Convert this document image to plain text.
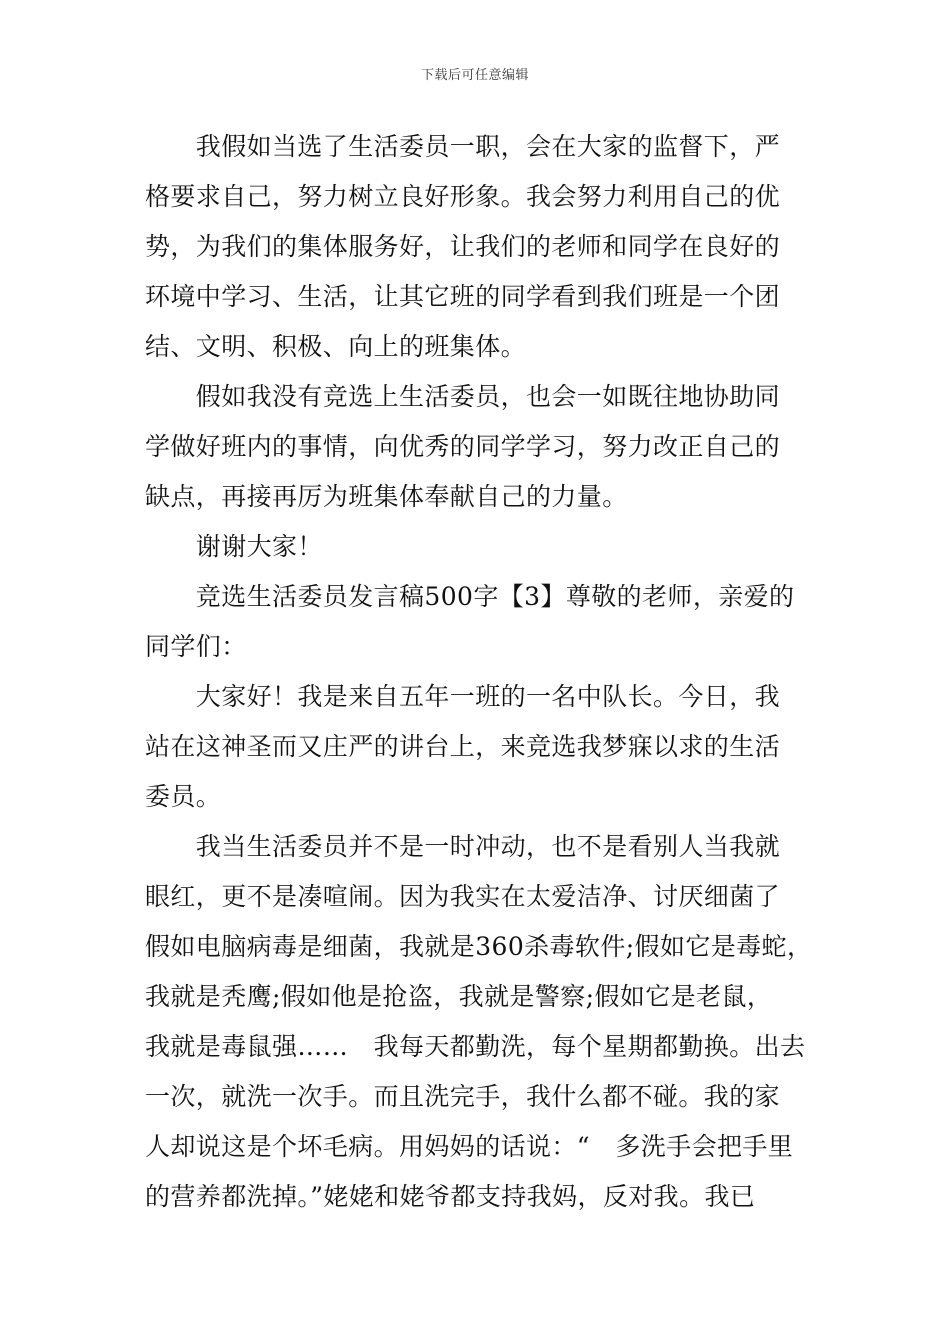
下载后可任意编辑
　　我假如当选了生活委员一职，会在大家的监督下，严
格要求自己，努力树立良好形象。我会努力利用自己的优
势，为我们的集体服务好，让我们的老师和同学在良好的
环境中学习、生活，让其它班的同学看到我们班是一个团
结、文明、积极、向上的班集体。
　　假如我没有竞选上生活委员，也会一如既往地协助同
学做好班内的事情，向优秀的同学学习，努力改正自己的
缺点，再接再厉为班集体奉献自己的力量。
　　谢谢大家！
　　竞选生活委员发言稿500字【3】尊敬的老师，亲爱的
同学们：
　　大家好！我是来自五年一班的一名中队长。今日，我
站在这神圣而又庄严的讲台上，来竞选我梦寐以求的生活
委员。
　　我当生活委员并不是一时冲动，也不是看别人当我就
眼红，更不是凑喧闹。因为我实在太爱洁净、讨厌细菌了
假如电脑病毒是细菌，我就是360杀毒软件;假如它是毒蛇，
我就是秃鹰;假如他是抢盗，我就是警察;假如它是老鼠，
我就是毒鼠强……　我每天都勤洗，每个星期都勤换。出去
一次，就洗一次手。而且洗完手，我什么都不碰。我的家
人却说这是个坏毛病。用妈妈的话说：“　多洗手会把手里
的营养都洗掉。”姥姥和姥爷都支持我妈，反对我。我已
